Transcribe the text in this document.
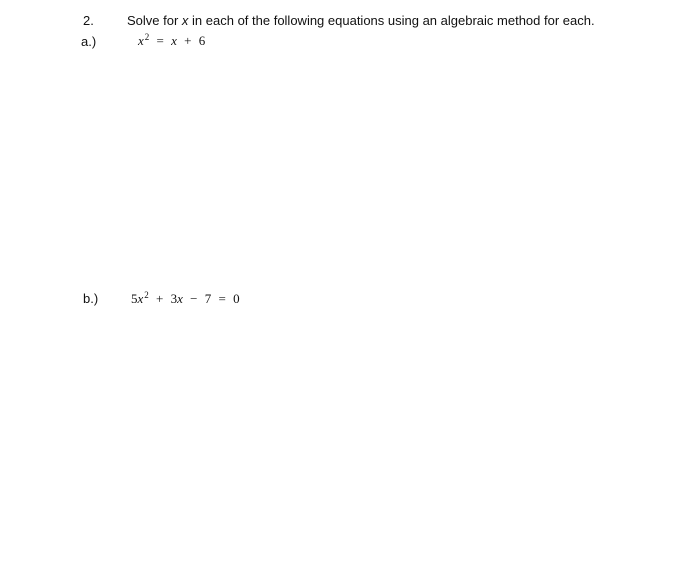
2.	Solve for x in each of the following equations using an algebraic method for each.
a.)	$x^2 = x + 6$
b.)	$5x^2 + 3x - 7 = 0$
